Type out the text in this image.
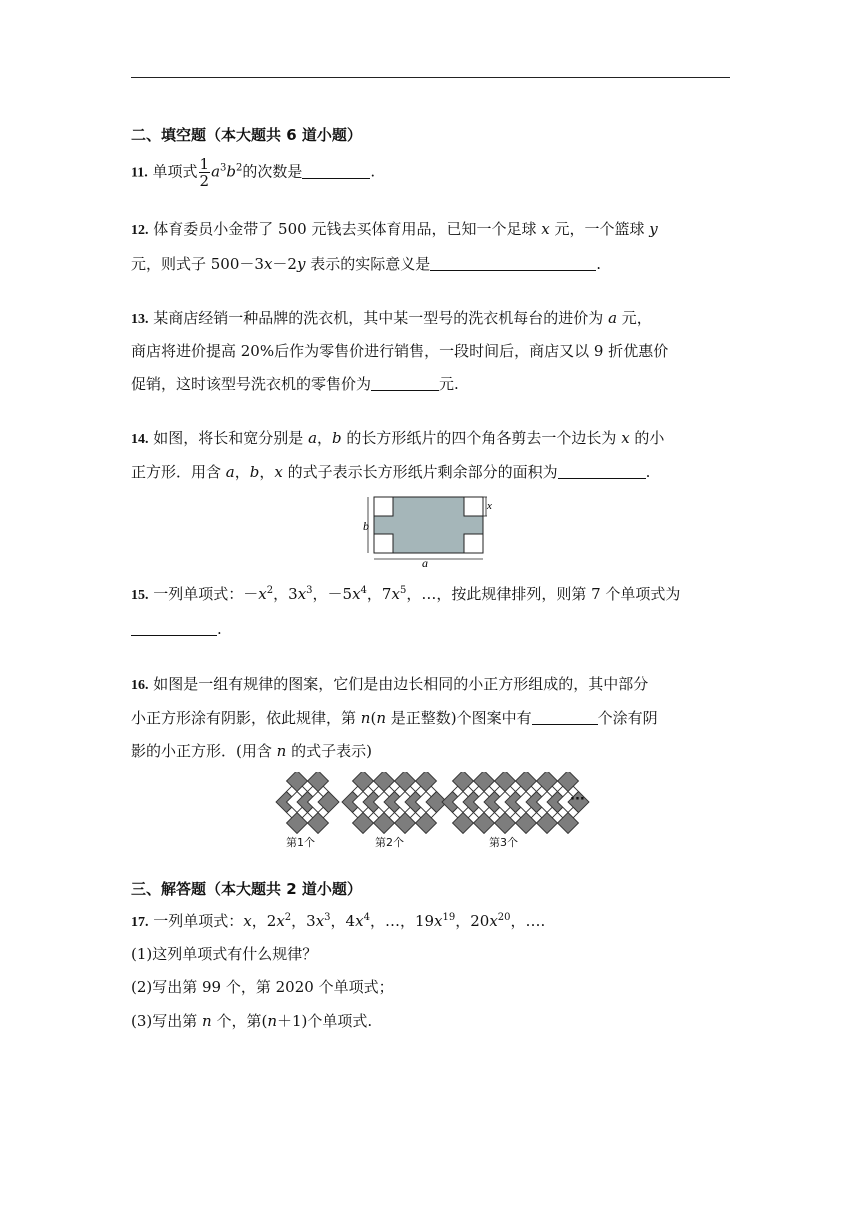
二、填空题（本大题共 6 道小题）
11. 单项式 $\frac{1}{2} a^3b^2$的次数是	.
12. 体育委员小金带了 500 元钱去买体育用品，已知一个足球 x 元，一个篮球 y
元，则式子 500－3x－2y 表示的实际意义是	.
13. 某商店经销一种品牌的洗衣机，其中某一型号的洗衣机每台的进价为 a 元，
商店将进价提高 20%后作为零售价进行销售，一段时间后，商店又以 9 折优惠价
促销，这时该型号洗衣机的零售价为	元.
14. 如图，将长和宽分别是 a，b 的长方形纸片的四个角各剪去一个边长为 x 的小
正方形．用含 a，b，x 的式子表示长方形纸片剩余部分的面积为	.
b
a
x
15. 一列单项式：$-x^2$，$3x^3$，$-5x^4$，$7x^5$，…，按此规律排列，则第 7 个单项式为
.
16. 如图是一组有规律的图案，它们是由边长相同的小正方形组成的，其中部分
小正方形涂有阴影，依此规律，第 n(n 是正整数)个图案中有	个涂有阴
影的小正方形．(用含 n 的式子表示)
第1个	第2个	第3个
···
三、解答题（本大题共 2 道小题）
17. 一列单项式：x，$2x^2$，$3x^3$，$4x^4$，…，$19x^{19}$，$20x^{20}$，….
(1)这列单项式有什么规律？
(2)写出第 99 个，第 2020 个单项式；
(3)写出第 n 个，第(n＋1)个单项式.
